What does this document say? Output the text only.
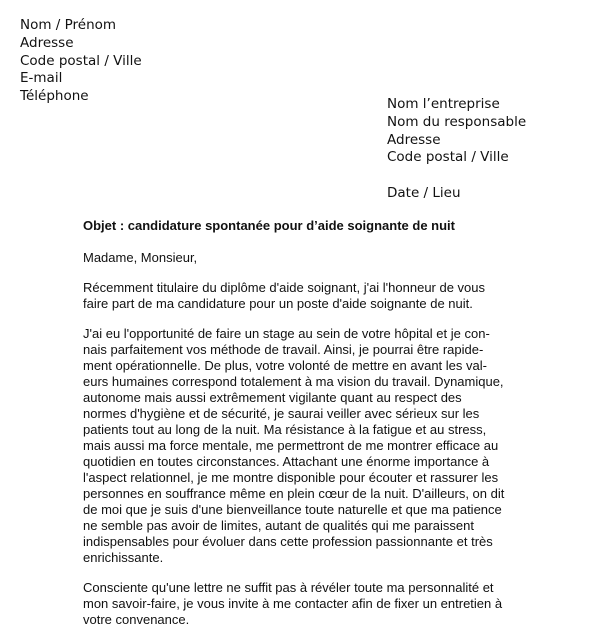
Nom / Prénom
Adresse
Code postal / Ville
E-mail
Téléphone	Nom l’entreprise
Nom du responsable
Adresse
Code postal / Ville
Date / Lieu
Objet : candidature spontanée pour d’aide soignante de nuit
Madame, Monsieur,
Récemment titulaire du diplôme d'aide soignant, j'ai l'honneur de vous
faire part de ma candidature pour un poste d'aide soignante de nuit.
J'ai eu l'opportunité de faire un stage au sein de votre hôpital et je con-
nais parfaitement vos méthode de travail. Ainsi, je pourrai être rapide-
ment opérationnelle. De plus, votre volonté de mettre en avant les val-
eurs humaines correspond totalement à ma vision du travail. Dynamique,
autonome mais aussi extrêmement vigilante quant au respect des
normes d'hygiène et de sécurité, je saurai veiller avec sérieux sur les
patients tout au long de la nuit. Ma résistance à la fatigue et au stress,
mais aussi ma force mentale, me permettront de me montrer efficace au
quotidien en toutes circonstances. Attachant une énorme importance à
l'aspect relationnel, je me montre disponible pour écouter et rassurer les
personnes en souffrance même en plein cœur de la nuit. D'ailleurs, on dit
de moi que je suis d'une bienveillance toute naturelle et que ma patience
ne semble pas avoir de limites, autant de qualités qui me paraissent
indispensables pour évoluer dans cette profession passionnante et très
enrichissante.
Consciente qu'une lettre ne suffit pas à révéler toute ma personnalité et
mon savoir-faire, je vous invite à me contacter afin de fixer un entretien à
votre convenance.
